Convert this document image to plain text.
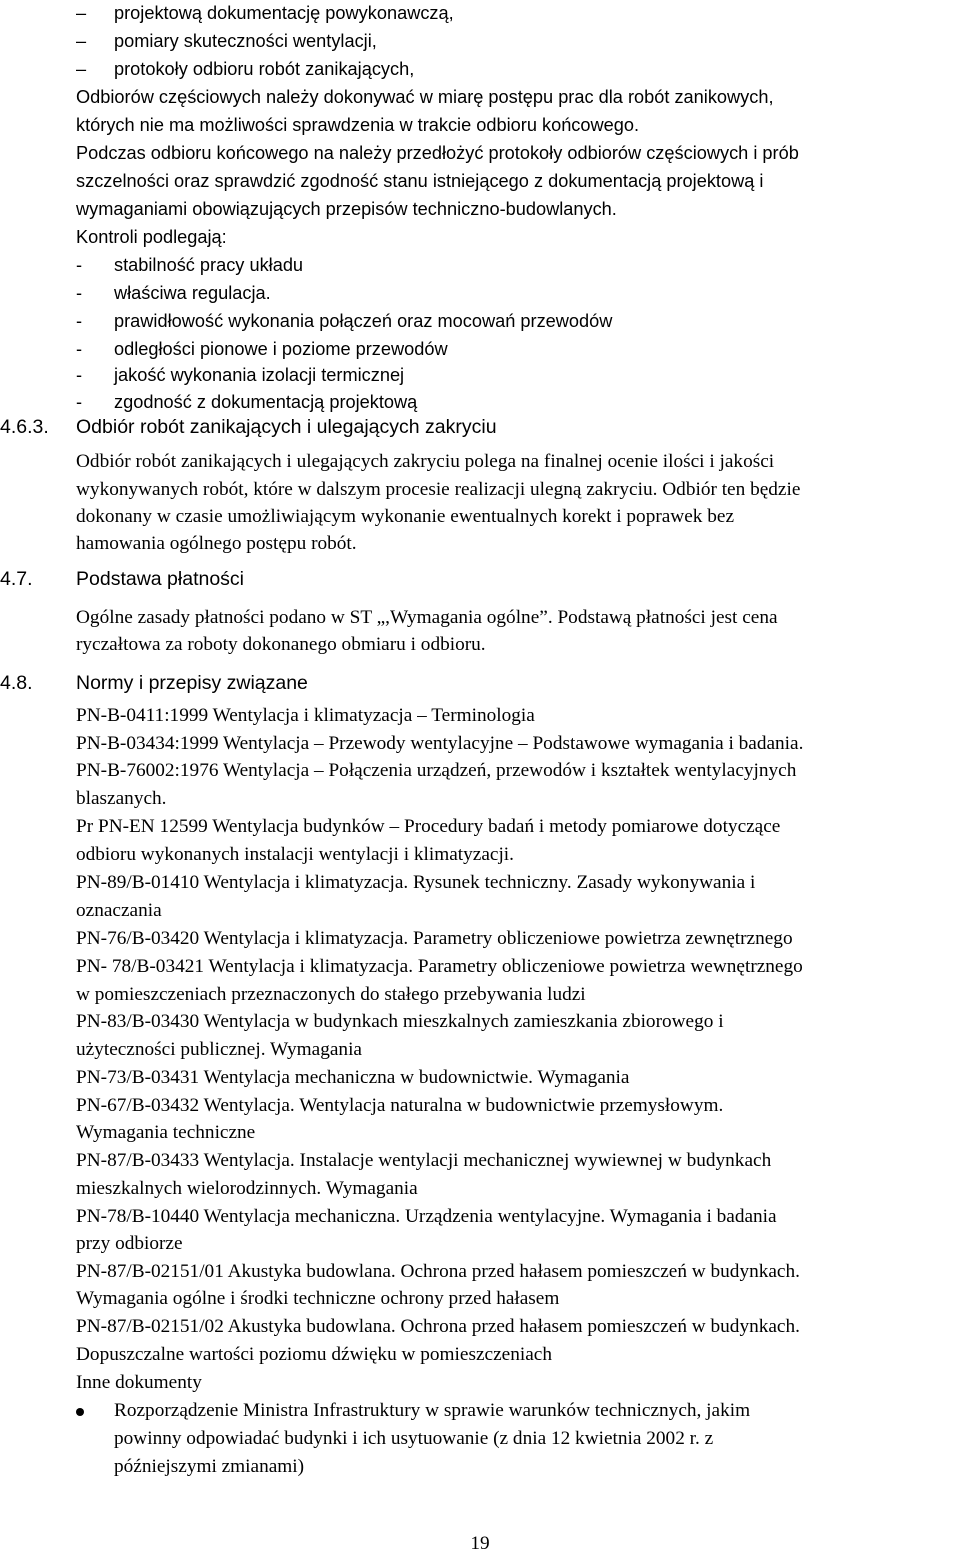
–	projektową dokumentację powykonawczą,
–	pomiary skuteczności wentylacji,
–	protokoły odbioru robót zanikających,
Odbiorów częściowych należy dokonywać w miarę postępu prac dla robót zanikowych,
których nie ma możliwości sprawdzenia w trakcie odbioru końcowego.
Podczas odbioru końcowego na należy przedłożyć protokoły odbiorów częściowych i prób
szczelności oraz sprawdzić zgodność stanu istniejącego z dokumentacją projektową i
wymaganiami obowiązujących przepisów techniczno-budowlanych.
Kontroli podlegają:
-	stabilność pracy układu
-	właściwa regulacja.
-	prawidłowość wykonania połączeń oraz mocowań przewodów
-	odległości pionowe i poziome przewodów
-	jakość wykonania izolacji termicznej
-	zgodność z dokumentacją projektową
4.6.3. Odbiór robót zanikających i ulegających zakryciu
Odbiór robót zanikających i ulegających zakryciu polega na finalnej ocenie ilości i jakości
wykonywanych robót, które w dalszym procesie realizacji ulegną zakryciu. Odbiór ten będzie
dokonany w czasie umożliwiającym wykonanie ewentualnych korekt i poprawek bez
hamowania ogólnego postępu robót.
4.7. Podstawa płatności
Ogólne zasady płatności podano w ST „,Wymagania ogólne”. Podstawą płatności jest cena
ryczałtowa za roboty dokonanego obmiaru i odbioru.
4.8. Normy i przepisy związane
PN-B-0411:1999 Wentylacja i klimatyzacja – Terminologia
PN-B-03434:1999 Wentylacja – Przewody wentylacyjne – Podstawowe wymagania i badania.
PN-B-76002:1976 Wentylacja – Połączenia urządzeń, przewodów i kształtek wentylacyjnych
blaszanych.
Pr PN-EN 12599 Wentylacja budynków – Procedury badań i metody pomiarowe dotyczące
odbioru wykonanych instalacji wentylacji i klimatyzacji.
PN-89/B-01410 Wentylacja i klimatyzacja. Rysunek techniczny. Zasady wykonywania i
oznaczania
PN-76/B-03420 Wentylacja i klimatyzacja. Parametry obliczeniowe powietrza zewnętrznego
PN- 78/B-03421 Wentylacja i klimatyzacja. Parametry obliczeniowe powietrza wewnętrznego
w pomieszczeniach przeznaczonych do stałego przebywania ludzi
PN-83/B-03430 Wentylacja w budynkach mieszkalnych zamieszkania zbiorowego i
użyteczności publicznej. Wymagania
PN-73/B-03431 Wentylacja mechaniczna w budownictwie. Wymagania
PN-67/B-03432 Wentylacja. Wentylacja naturalna w budownictwie przemysłowym.
Wymagania techniczne
PN-87/B-03433 Wentylacja. Instalacje wentylacji mechanicznej wywiewnej w budynkach
mieszkalnych wielorodzinnych. Wymagania
PN-78/B-10440 Wentylacja mechaniczna. Urządzenia wentylacyjne. Wymagania i badania
przy odbiorze
PN-87/B-02151/01 Akustyka budowlana. Ochrona przed hałasem pomieszczeń w budynkach.
Wymagania ogólne i środki techniczne ochrony przed hałasem
PN-87/B-02151/02 Akustyka budowlana. Ochrona przed hałasem pomieszczeń w budynkach.
Dopuszczalne wartości poziomu dźwięku w pomieszczeniach
Inne dokumenty
Rozporządzenie Ministra Infrastruktury w sprawie warunków technicznych, jakim
powinny odpowiadać budynki i ich usytuowanie (z dnia 12 kwietnia 2002 r. z
późniejszymi zmianami)
19
